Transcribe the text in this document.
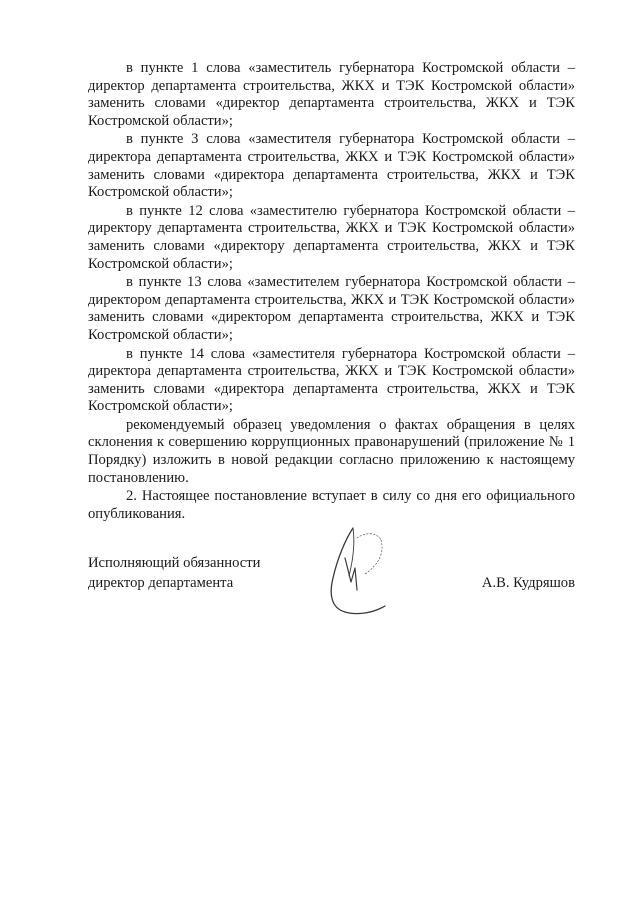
в пункте 1 слова «заместитель губернатора Костромской области – директор департамента строительства, ЖКХ и ТЭК Костромской области» заменить словами «директор департамента строительства, ЖКХ и ТЭК Костромской области»;

в пункте 3 слова «заместителя губернатора Костромской области – директора департамента строительства, ЖКХ и ТЭК Костромской области» заменить словами «директора департамента строительства, ЖКХ и ТЭК Костромской области»;

в пункте 12 слова «заместителю губернатора Костромской области – директору департамента строительства, ЖКХ и ТЭК Костромской области» заменить словами «директору департамента строительства, ЖКХ и ТЭК Костромской области»;

в пункте 13 слова «заместителем губернатора Костромской области – директором департамента строительства, ЖКХ и ТЭК Костромской области» заменить словами «директором департамента строительства, ЖКХ и ТЭК Костромской области»;

в пункте 14 слова «заместителя губернатора Костромской области – директора департамента строительства, ЖКХ и ТЭК Костромской области» заменить словами «директора департамента строительства, ЖКХ и ТЭК Костромской области»;

рекомендуемый образец уведомления о фактах обращения в целях склонения к совершению коррупционных правонарушений (приложение № 1 Порядку) изложить в новой редакции согласно приложению к настоящему постановлению.

2. Настоящее постановление вступает в силу со дня его официального опубликования.

Исполняющий обязанности
директор департамента	А.В. Кудряшов
